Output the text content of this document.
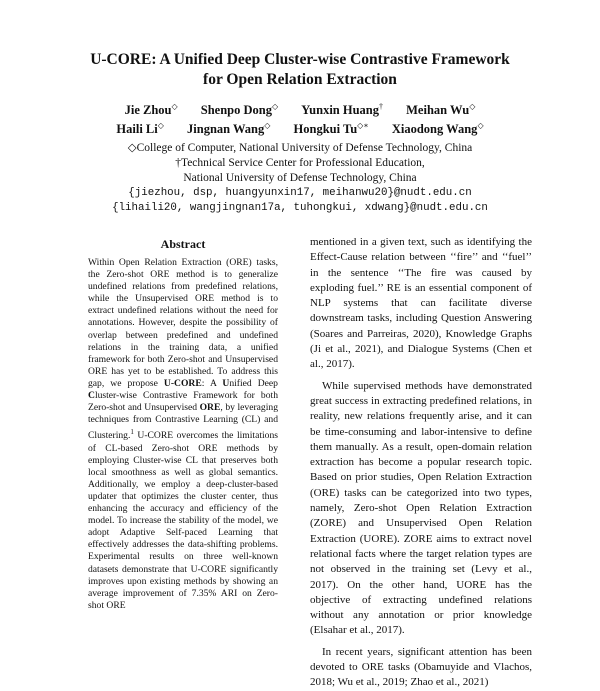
U-CORE: A Unified Deep Cluster-wise Contrastive Framework
for Open Relation Extraction
Jie Zhou◇ Shenpo Dong◇ Yunxin Huang† Meihan Wu◇
Haili Li◇ Jingnan Wang◇ Hongkui Tu◇∗ Xiaodong Wang◇
◇College of Computer, National University of Defense Technology, China
†Technical Service Center for Professional Education,
National University of Defense Technology, China
{jiezhou, dsp, huangyunxin17, meihanwu20}@nudt.edu.cn
{lihaili20, wangjingnan17a, tuhongkui, xdwang}@nudt.edu.cn
Abstract

Within Open Relation Extraction (ORE) tasks, the Zero-shot ORE method is to generalize undefined relations from predefined relations, while the Unsupervised ORE method is to extract undefined relations without the need for annotations. However, despite the possibility of overlap between predefined and undefined relations in the training data, a unified framework for both Zero-shot and Unsupervised ORE has yet to be established. To address this gap, we propose U-CORE: A Unified Deep Cluster-wise Contrastive Framework for both Zero-shot and Unsupervised ORE, by leveraging techniques from Contrastive Learning (CL) and Clustering.$^1$ U-CORE overcomes the limitations of CL-based Zero-shot ORE methods by employing Cluster-wise CL that preserves both local smoothness as well as global semantics. Additionally, we employ a deep-cluster-based updater that optimizes the cluster center, thus enhancing the accuracy and efficiency of the model. To increase the stability of the model, we adopt Adaptive Self-paced Learning that effectively addresses the data-shifting problems. Experimental results on three well-known datasets demonstrate that U-CORE significantly improves upon existing methods by showing an average improvement of 7.35% ARI on Zero-shot ORE

mentioned in a given text, such as identifying the Effect-Cause relation between ‘‘fire’’ and ‘‘fuel’’ in the sentence ‘‘The fire was caused by exploding fuel.’’ RE is an essential component of NLP systems that can facilitate diverse downstream tasks, including Question Answering (Soares and Parreiras, 2020), Knowledge Graphs (Ji et al., 2021), and Dialogue Systems (Chen et al., 2017).

While supervised methods have demonstrated great success in extracting predefined relations, in reality, new relations frequently arise, and it can be time-consuming and labor-intensive to define them manually. As a result, open-domain relation extraction has become a popular research topic. Based on prior studies, Open Relation Extraction (ORE) tasks can be categorized into two types, namely, Zero-shot Open Relation Extraction (ZORE) and Unsupervised Open Relation Extraction (UORE). ZORE aims to extract novel relational facts where the target relation types are not observed in the training set (Levy et al., 2017). On the other hand, UORE has the objective of extracting undefined relations without any annotation or prior knowledge (Elsahar et al., 2017).

In recent years, significant attention has been devoted to ORE tasks (Obamuyide and Vlachos, 2018; Wu et al., 2019; Zhao et al., 2021)
